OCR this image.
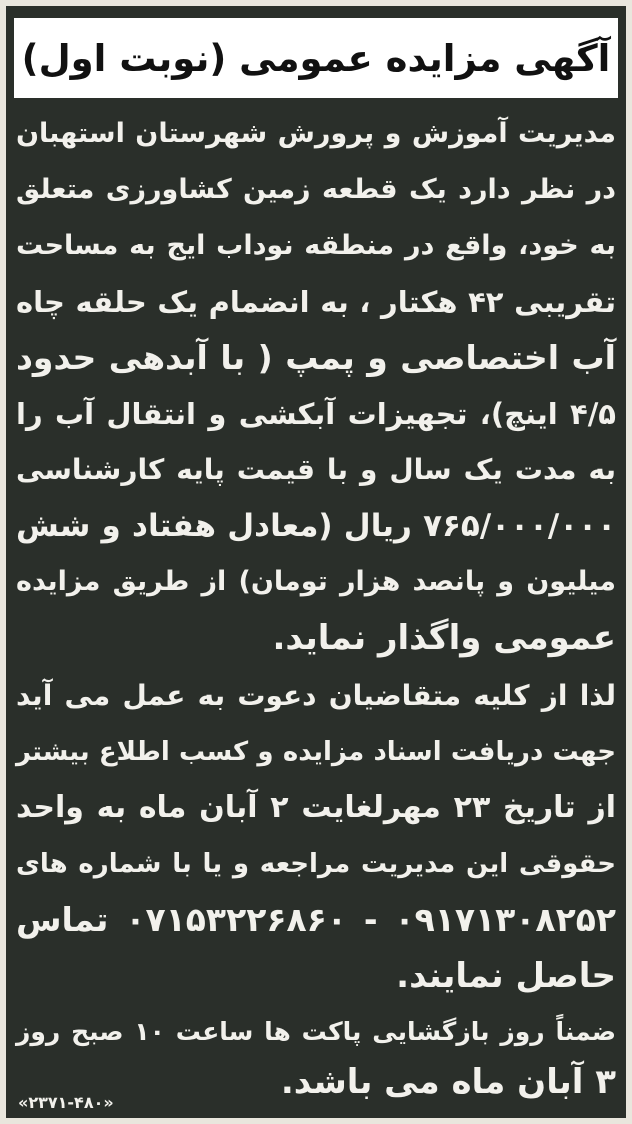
آگهی مزایده عمومی (نوبت اول)
مدیریت آموزش و پرورش شهرستان استهبان
در نظر دارد یک قطعه زمین کشاورزی متعلق
به خود، واقع در منطقه نوداب ایج به مساحت
تقریبی ۴۲ هکتار ، به انضمام یک حلقه چاه
آب اختصاصی و پمپ ( با آبدهی حدود
۴/۵ اینچ)، تجهیزات آبکشی و انتقال آب را
به مدت یک سال و با قیمت پایه کارشناسی
۷۶۵/۰۰۰/۰۰۰ ریال (معادل هفتاد و شش
میلیون و پانصد هزار تومان) از طریق مزایده
عمومی واگذار نماید.
لذا از کلیه متقاضیان دعوت به عمل می آید
جهت دریافت اسناد مزایده و کسب اطلاع بیشتر
از تاریخ ۲۳ مهرلغایت ۲ آبان ماه به واحد
حقوقی این مدیریت مراجعه و یا با شماره های
۰۹۱۷۱۳۰۸۲۵۲ - ۰۷۱۵۳۲۲۶۸۶۰ تماس
حاصل نمایند.
ضمناً روز بازگشایی پاکت ها ساعت ۱۰ صبح روز
۳ آبان ماه می باشد.
«۲۳۷۱-۴۸۰»
